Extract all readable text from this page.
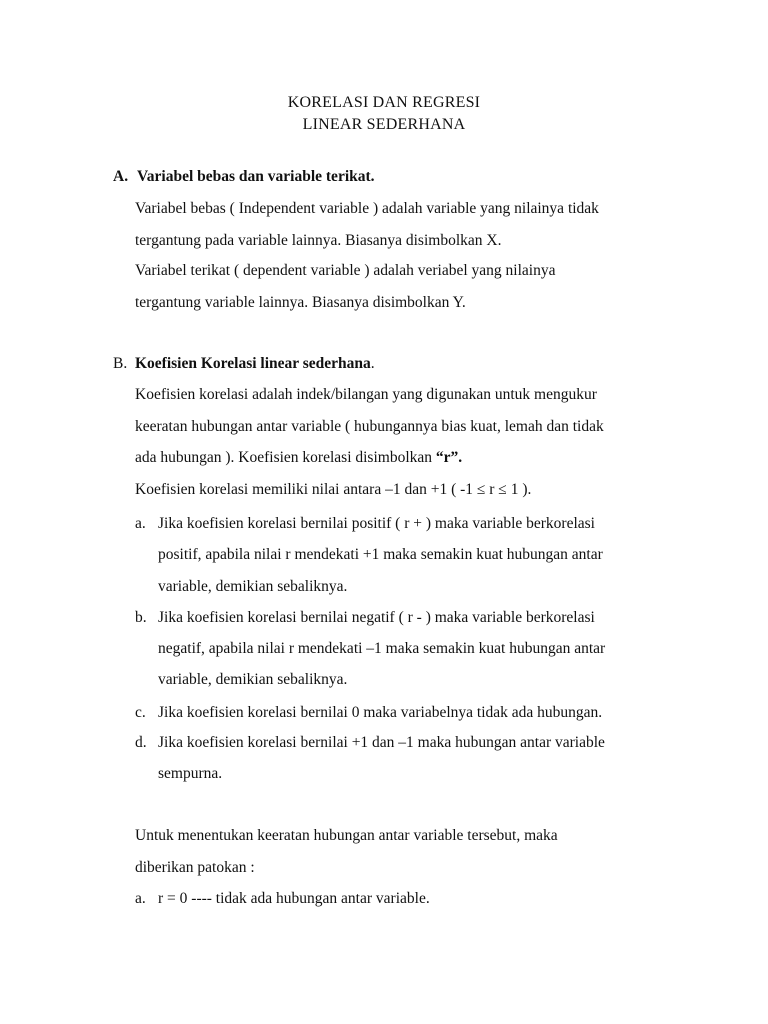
KORELASI DAN REGRESI
LINEAR SEDERHANA
A. Variabel bebas dan variable terikat.
Variabel bebas ( Independent variable ) adalah variable yang nilainya tidak
tergantung pada variable lainnya. Biasanya disimbolkan X.
Variabel terikat ( dependent variable ) adalah veriabel yang nilainya
tergantung variable lainnya. Biasanya disimbolkan Y.
B. Koefisien Korelasi linear sederhana.
Koefisien korelasi adalah indek/bilangan yang digunakan untuk mengukur
keeratan hubungan antar variable ( hubungannya bias kuat, lemah dan tidak
ada hubungan ). Koefisien korelasi disimbolkan “r”.
Koefisien korelasi memiliki nilai antara –1 dan +1 ( -1 ≤ r ≤ 1 ).
a. Jika koefisien korelasi bernilai positif ( r + ) maka variable berkorelasi
positif, apabila nilai r mendekati +1 maka semakin kuat hubungan antar
variable, demikian sebaliknya.
b. Jika koefisien korelasi bernilai negatif ( r - ) maka variable berkorelasi
negatif, apabila nilai r mendekati –1 maka semakin kuat hubungan antar
variable, demikian sebaliknya.
c. Jika koefisien korelasi bernilai 0 maka variabelnya tidak ada hubungan.
d. Jika koefisien korelasi bernilai +1 dan –1 maka hubungan antar variable
sempurna.
Untuk menentukan keeratan hubungan antar variable tersebut, maka
diberikan patokan :
a. r = 0 ---- tidak ada hubungan antar variable.
